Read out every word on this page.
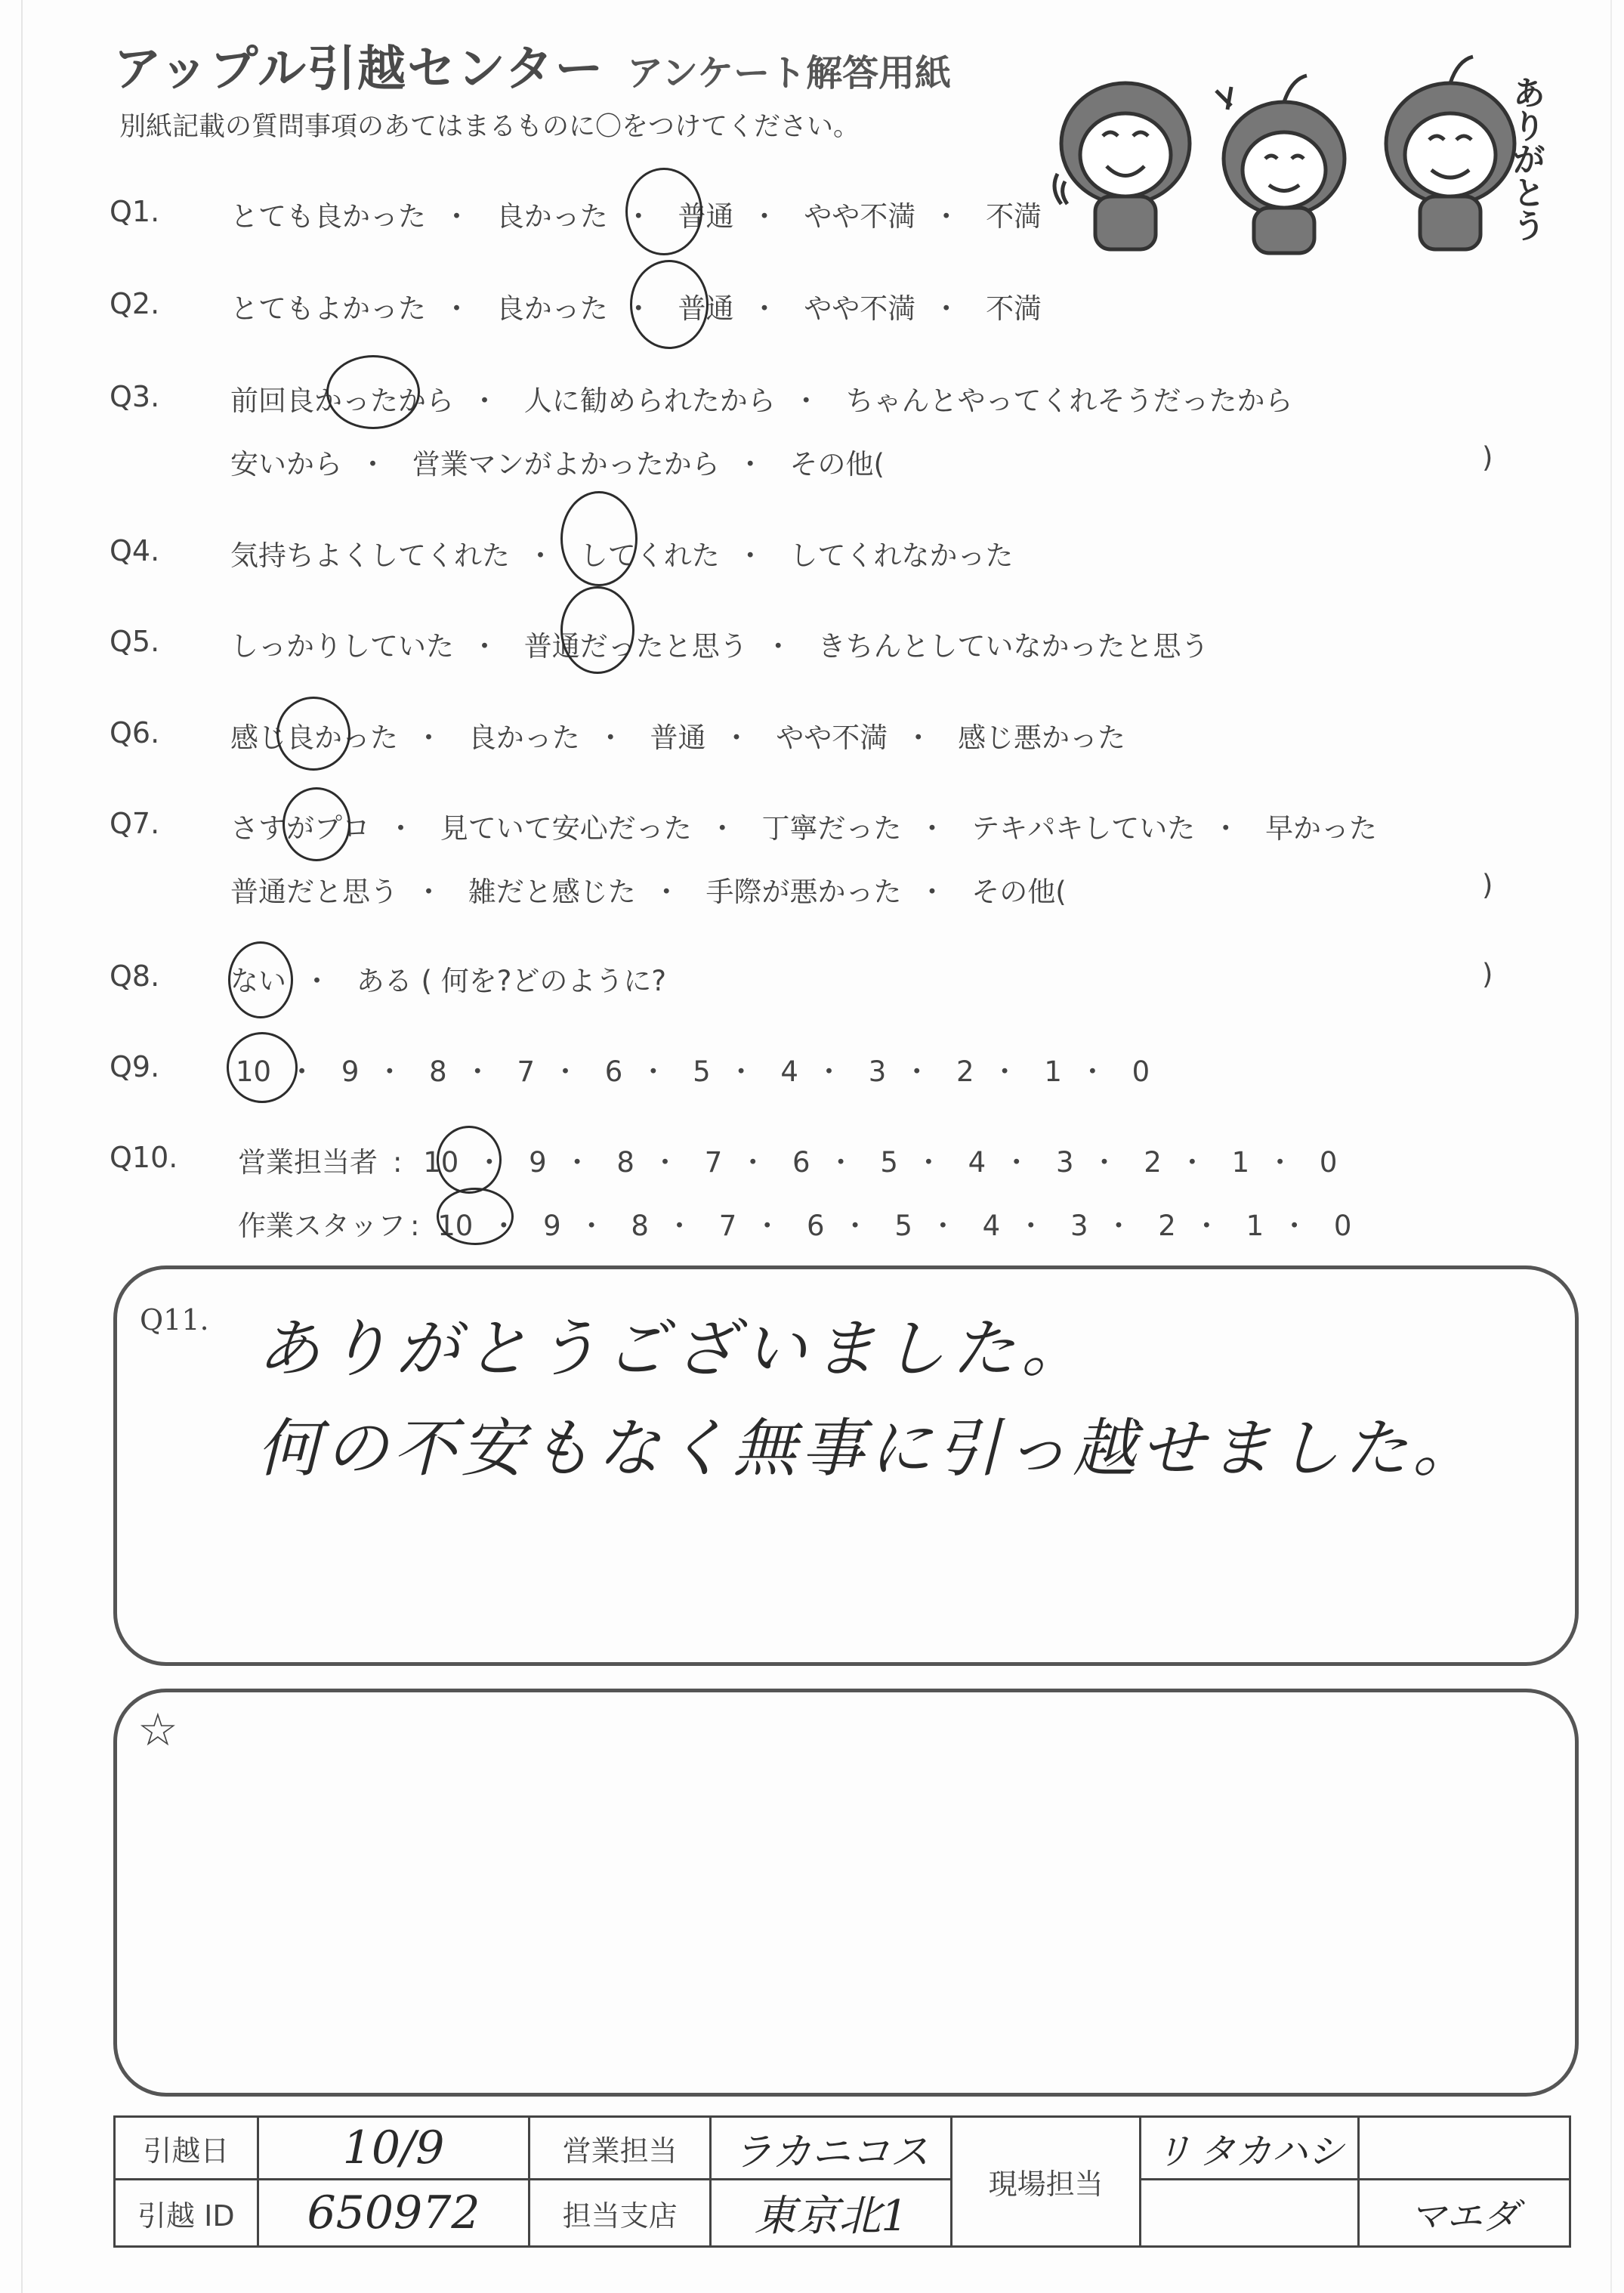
アップル引越センター アンケート解答用紙
別紙記載の質問事項のあてはまるものに〇をつけてください。	ありがとう
Q1.	とても良かった ・ 良かった ・ 普通 ・ やや不満 ・ 不満
Q2.	とてもよかった ・ 良かった ・ 普通 ・ やや不満 ・ 不満
Q3.	前回良かったから ・ 人に勧められたから ・ ちゃんとやってくれそうだったから
安いから ・ 営業マンがよかったから ・ その他(	)
Q4.	気持ちよくしてくれた ・ してくれた ・ してくれなかった
Q5.	しっかりしていた ・ 普通だったと思う ・ きちんとしていなかったと思う
Q6.	感じ良かった ・ 良かった ・ 普通 ・ やや不満 ・ 感じ悪かった
Q7.	さすがプロ ・ 見ていて安心だった ・ 丁寧だった ・ テキパキしていた ・ 早かった
普通だと思う ・ 雑だと感じた ・ 手際が悪かった ・ その他(	)
Q8.	ない ・ ある ( 何を?どのように?	)
Q9.	10 ・ 9 ・ 8 ・ 7 ・ 6 ・ 5 ・ 4 ・ 3 ・ 2 ・ 1 ・ 0
Q10. 営業担当者 : 10 ・ 9 ・ 8 ・ 7 ・ 6 ・ 5 ・ 4 ・ 3 ・ 2 ・ 1 ・ 0
作業スタッフ : 10 ・ 9 ・ 8 ・ 7 ・ 6 ・ 5 ・ 4 ・ 3 ・ 2 ・ 1 ・ 0
Q11. ありがとうございました。
何の不安もなく無事に引っ越せました。
☆
引越日	10/9	営業担当	ラカニコス	現場担当	リ タカハシ	
引越 ID	650972	担当支店	東京北1			マエダ
